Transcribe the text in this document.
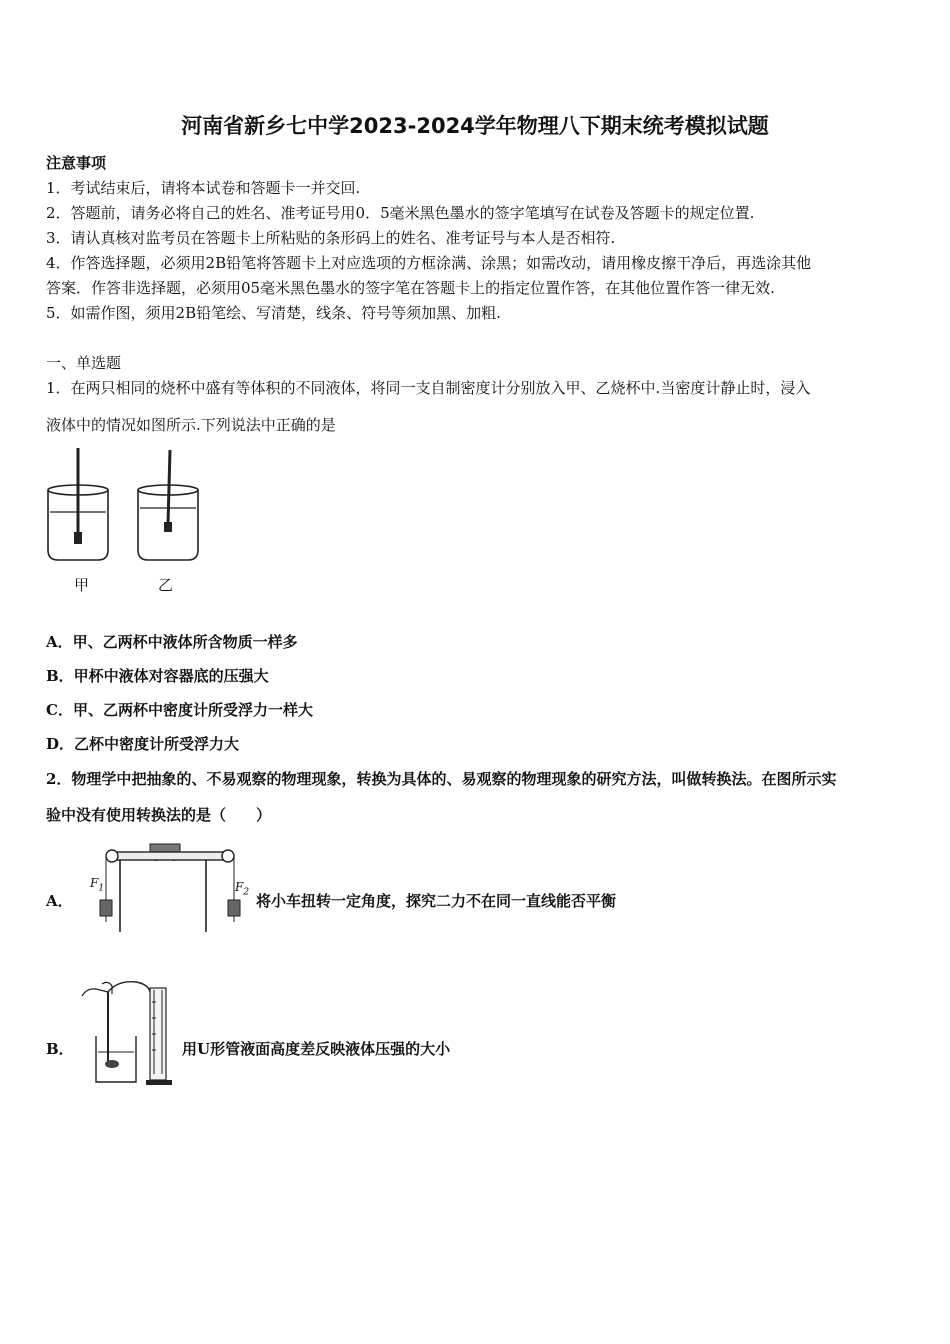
河南省新乡七中学2023-2024学年物理八下期末统考模拟试题
注意事项
1．考试结束后，请将本试卷和答题卡一并交回.
2．答题前，请务必将自己的姓名、准考证号用0．5毫米黑色墨水的签字笔填写在试卷及答题卡的规定位置.
3．请认真核对监考员在答题卡上所粘贴的条形码上的姓名、准考证号与本人是否相符.
4．作答选择题，必须用2B铅笔将答题卡上对应选项的方框涂满、涂黑；如需改动，请用橡皮擦干净后，再选涂其他
答案．作答非选择题，必须用05毫米黑色墨水的签字笔在答题卡上的指定位置作答，在其他位置作答一律无效.
5．如需作图，须用2B铅笔绘、写清楚，线条、符号等须加黑、加粗.
一、单选题
1．在两只相同的烧杯中盛有等体积的不同液体，将同一支自制密度计分别放入甲、乙烧杯中.当密度计静止时，浸入
液体中的情况如图所示.下列说法中正确的是
甲	乙
A．甲、乙两杯中液体所含物质一样多
B．甲杯中液体对容器底的压强大
C．甲、乙两杯中密度计所受浮力一样大
D．乙杯中密度计所受浮力大
2．物理学中把抽象的、不易观察的物理现象，转换为具体的、易观察的物理现象的研究方法，叫做转换法。在图所示实
验中没有使用转换法的是（　　）
A．
$F_1$	$F_2$ 将小车扭转一定角度，探究二力不在同一直线能否平衡
B．	用U形管液面高度差反映液体压强的大小
